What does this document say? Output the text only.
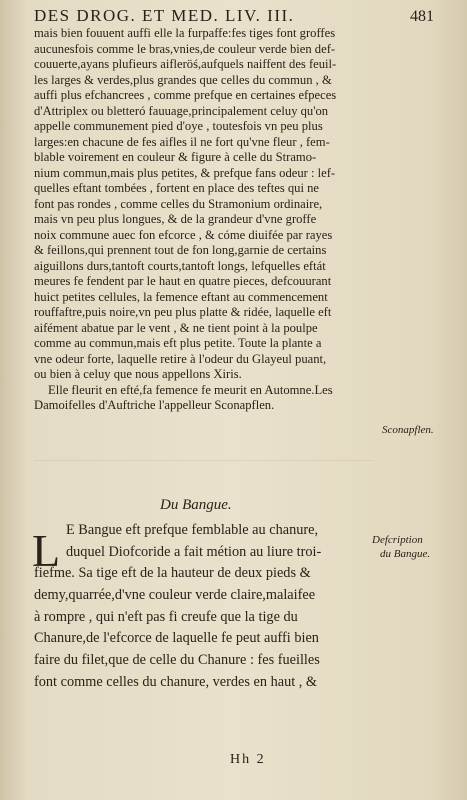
DES DROG. ET MED. LIV. III.	481
mais bien fouuent auffi elle la furpaffe:fes tiges font groffes
aucunesfois comme le bras,vnies,de couleur verde bien def-
couuerte,ayans plufieurs aifleröś,aufquels naiffent des feuil-
les larges & verdes,plus grandes que celles du commun , &
auffi plus efchancrees , comme prefque en certaines efpeces
d'Attriplex ou bletteró fauuage,principalement celuy qu'on
appelle communement pied d'oye , toutesfois vn peu plus
larges:en chacune de fes aifles il ne fort qu'vne fleur , fem-
blable voirement en couleur & figure à celle du Stramo-
nium commun,mais plus petites, & prefque fans odeur : lef-
quelles eftant tombées , fortent en place des teftes qui ne
font pas rondes , comme celles du Stramonium ordinaire,
mais vn peu plus longues, & de la grandeur d'vne groffe
noix commune auec fon efcorce , & cóme diuifée par rayes
& feillons,qui prennent tout de fon long,garnie de certains
aiguillons durs,tantoft courts,tantoft longs, lefquelles eftát
meures fe fendent par le haut en quatre pieces, defcouurant
huict petites cellules, la femence eftant au commencement
rouffaftre,puis noire,vn peu plus platte & ridée, laquelle eft
aifément abatue par le vent , & ne tient point à la poulpe
comme au commun,mais eft plus petite. Toute la plante a
vne odeur forte, laquelle retire à l'odeur du Glayeul puant,
ou bien à celuy que nous appellons Xiris.
Elle fleurit en efté,fa femence fe meurit en Automne.Les
Damoifelles d'Auftriche l'appelleur Sconapflen.
Sconapflen.
Du Bangue.
Defcription
du Bangue.
L E Bangue eft prefque femblable au chanure,
duquel Diofcoride a fait métion au liure troi-
fiefme. Sa tige eft de la hauteur de deux pieds &
demy,quarrée,d'vne couleur verde claire,malaifee
à rompre , qui n'eft pas fi creufe que la tige du
Chanure,de l'efcorce de laquelle fe peut auffi bien
faire du filet,que de celle du Chanure : fes fueilles
font comme celles du chanure, verdes en haut , &
Hh 2
